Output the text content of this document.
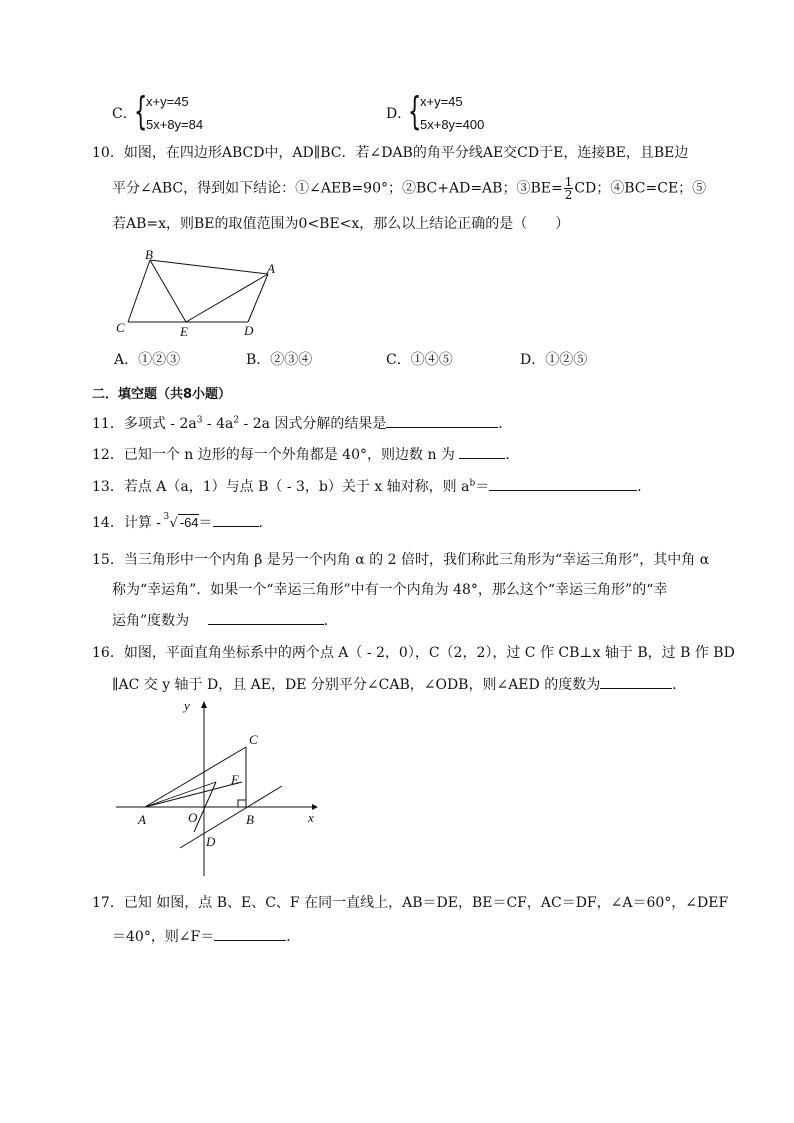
C．
{
x+y=45
5x+8y=84
D．
{
x+y=45
5x+8y=400
10．如图，在四边形ABCD中，AD∥BC．若∠DAB的角平分线AE交CD于E，连接BE，且BE边
平分∠ABC，得到如下结论：①∠AEB=90°；②BC+AD=AB；③BE= $\frac{1}{2}$ CD；④BC=CE；⑤
若AB=x，则BE的取值范围为0<BE<x，那么以上结论正确的是（　　）
B
A
C	E	D
A．①②③	B．②③④	C．①④⑤	D．①②⑤
二．填空题（共8小题）
11．多项式 - $2a^3 - 4a^2 - 2a$ 因式分解的结果是	．
12．已知一个 n 边形的每一个外角都是 40°，则边数 n 为	．
13．若点 A（a，1）与点 B（ - 3，b）关于 x 轴对称，则 $a^b=$	．
14．计算 -
3 √ -64＝	．
15．当三角形中一个内角 β 是另一个内角 α 的 2 倍时，我们称此三角形为“幸运三角形”，其中角 α
称为“幸运角”．如果一个“幸运三角形”中有一个内角为 48°，那么这个“幸运三角形”的“幸
运角”度数为	．
16．如图，平面直角坐标系中的两个点 A（ - 2，0），C（2，2），过 C 作 CB⊥x 轴于 B，过 B 作 BD
∥AC 交 y 轴于 D，且 AE，DE 分别平分∠CAB，∠ODB，则∠AED 的度数为	．
y
x
C
E
A	O	B
D
17．已知 如图，点 B、E、C、F 在同一直线上，AB＝DE，BE＝CF，AC＝DF，∠A＝60°，∠DEF
＝40°，则∠F＝	．
